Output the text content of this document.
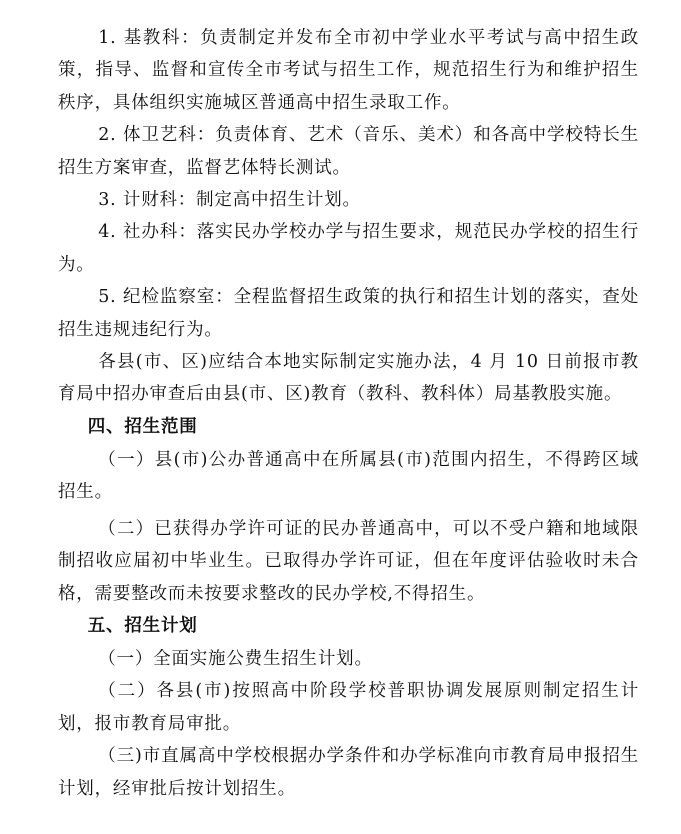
1. 基教科：负责制定并发布全市初中学业水平考试与高中招生政策，指导、监督和宣传全市考试与招生工作，规范招生行为和维护招生秩序，具体组织实施城区普通高中招生录取工作。

2. 体卫艺科：负责体育、艺术（音乐、美术）和各高中学校特长生招生方案审查，监督艺体特长测试。

3. 计财科：制定高中招生计划。

4. 社办科：落实民办学校办学与招生要求，规范民办学校的招生行为。

5. 纪检监察室：全程监督招生政策的执行和招生计划的落实，查处招生违规违纪行为。

各县(市、区)应结合本地实际制定实施办法，4 月 10 日前报市教育局中招办审查后由县(市、区)教育（教科、教科体）局基教股实施。

四、招生范围

（一）县(市)公办普通高中在所属县(市)范围内招生，不得跨区域招生。

（二）已获得办学许可证的民办普通高中，可以不受户籍和地域限制招收应届初中毕业生。已取得办学许可证，但在年度评估验收时未合格，需要整改而未按要求整改的民办学校,不得招生。

五、招生计划

（一）全面实施公费生招生计划。

（二）各县(市)按照高中阶段学校普职协调发展原则制定招生计划，报市教育局审批。

（三)市直属高中学校根据办学条件和办学标准向市教育局申报招生计划，经审批后按计划招生。
